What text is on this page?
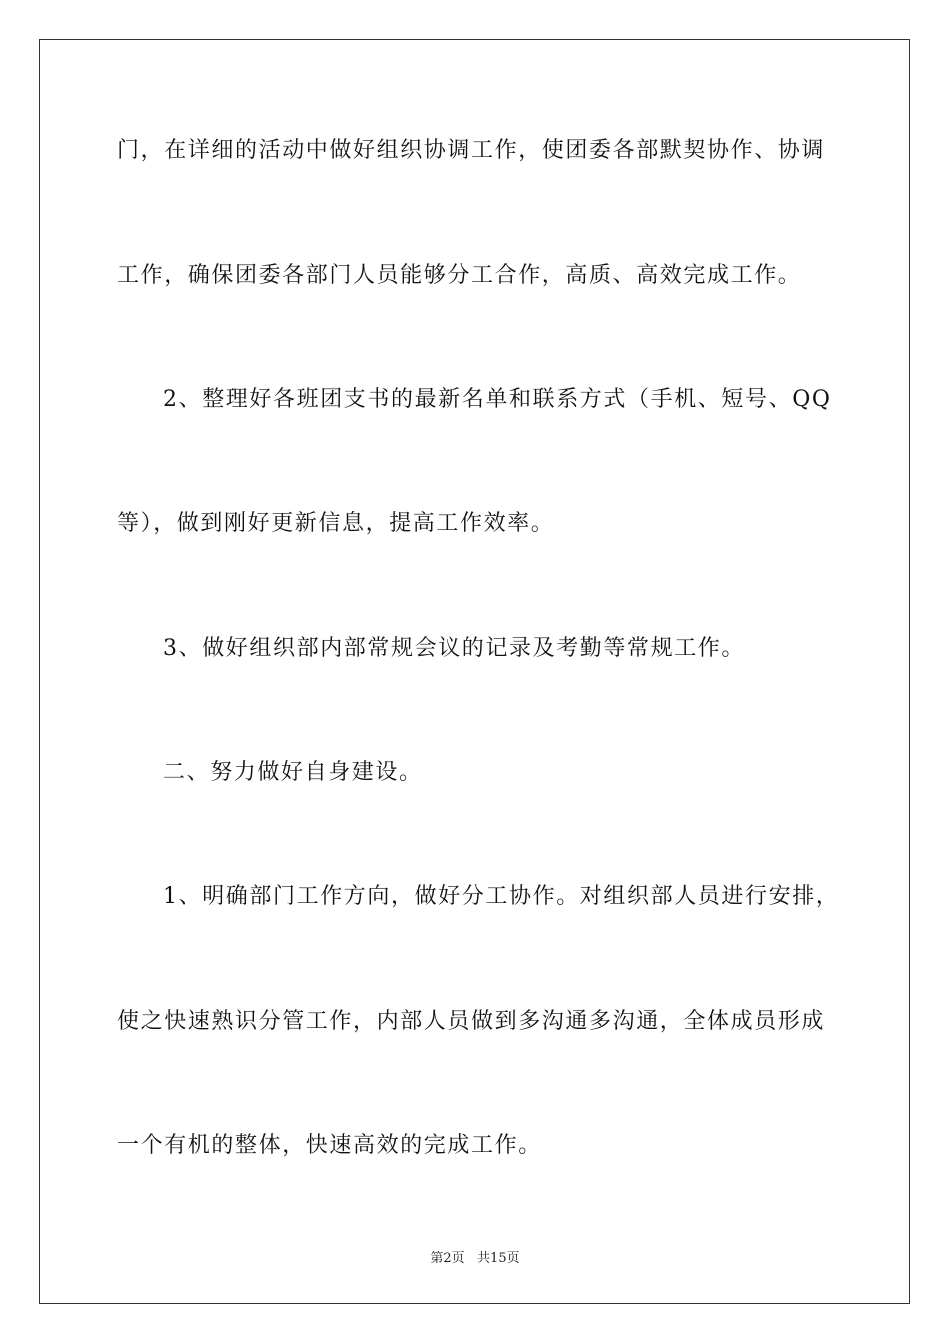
门，在详细的活动中做好组织协调工作，使团委各部默契协作、协调
工作，确保团委各部门人员能够分工合作，高质、高效完成工作。
2、整理好各班团支书的最新名单和联系方式（手机、短号、QQ
等），做到刚好更新信息，提高工作效率。
3、做好组织部内部常规会议的记录及考勤等常规工作。
二、努力做好自身建设。
1、明确部门工作方向，做好分工协作。对组织部人员进行安排，
使之快速熟识分管工作，内部人员做到多沟通多沟通，全体成员形成
一个有机的整体，快速高效的完成工作。
第2页   共15页
